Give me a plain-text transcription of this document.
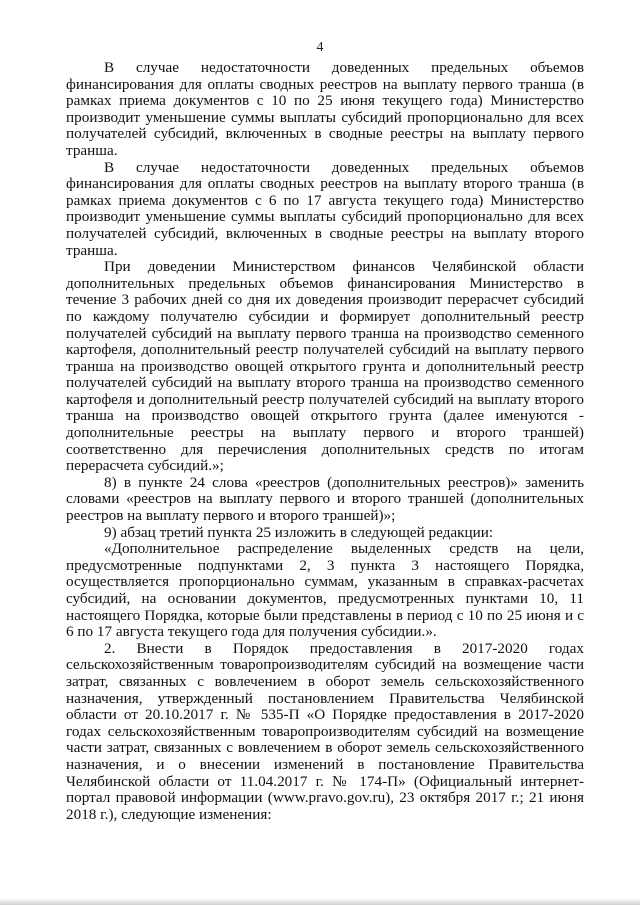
4

В случае недостаточности доведенных предельных объемов финансирования для оплаты сводных реестров на выплату первого транша (в рамках приема документов с 10 по 25 июня текущего года) Министерство производит уменьшение суммы выплаты субсидий пропорционально для всех получателей субсидий, включенных в сводные реестры на выплату первого транша.

В случае недостаточности доведенных предельных объемов финансирования для оплаты сводных реестров на выплату второго транша (в рамках приема документов с 6 по 17 августа текущего года) Министерство производит уменьшение суммы выплаты субсидий пропорционально для всех получателей субсидий, включенных в сводные реестры на выплату второго транша.

При доведении Министерством финансов Челябинской области дополнительных предельных объемов финансирования Министерство в течение 3 рабочих дней со дня их доведения производит перерасчет субсидий по каждому получателю субсидии и формирует дополнительный реестр получателей субсидий на выплату первого транша на производство семенного картофеля, дополнительный реестр получателей субсидий на выплату первого транша на производство овощей открытого грунта и дополнительный реестр получателей субсидий на выплату второго транша на производство семенного картофеля и дополнительный реестр получателей субсидий на выплату второго транша на производство овощей открытого грунта (далее именуются - дополнительные реестры на выплату первого и второго траншей) соответственно для перечисления дополнительных средств по итогам перерасчета субсидий.»;

8) в пункте 24 слова «реестров (дополнительных реестров)» заменить словами «реестров на выплату первого и второго траншей (дополнительных реестров на выплату первого и второго траншей)»;

9) абзац третий пункта 25 изложить в следующей редакции:

«Дополнительное распределение выделенных средств на цели, предусмотренные подпунктами 2, 3 пункта 3 настоящего Порядка, осуществляется пропорционально суммам, указанным в справках-расчетах субсидий, на основании документов, предусмотренных пунктами 10, 11 настоящего Порядка, которые были представлены в период с 10 по 25 июня и с 6 по 17 августа текущего года для получения субсидии.».

2. Внести в Порядок предоставления в 2017-2020 годах сельскохозяйственным товаропроизводителям субсидий на возмещение части затрат, связанных с вовлечением в оборот земель сельскохозяйственного назначения, утвержденный постановлением Правительства Челябинской области от 20.10.2017 г. № 535-П «О Порядке предоставления в 2017-2020 годах сельскохозяйственным товаропроизводителям субсидий на возмещение части затрат, связанных с вовлечением в оборот земель сельскохозяйственного назначения, и о внесении изменений в постановление Правительства Челябинской области от 11.04.2017 г. № 174-П» (Официальный интернет-портал правовой информации (www.pravo.gov.ru), 23 октября 2017 г.; 21 июня 2018 г.), следующие изменения:
